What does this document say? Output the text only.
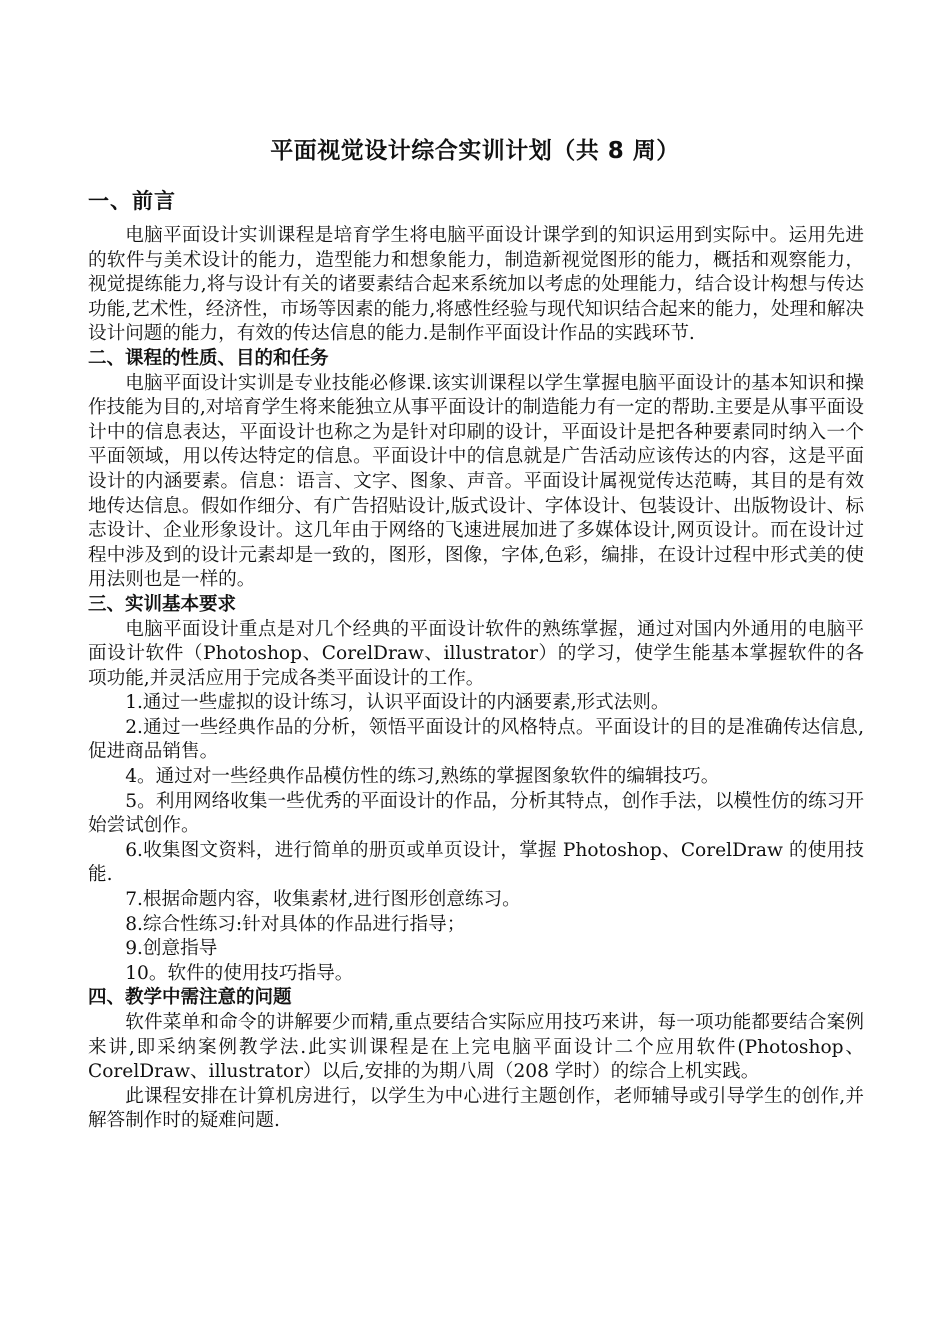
平面视觉设计综合实训计划（共 8 周）
一、前言

电脑平面设计实训课程是培育学生将电脑平面设计课学到的知识运用到实际中。运用先进的软件与美术设计的能力，造型能力和想象能力，制造新视觉图形的能力，概括和观察能力，视觉提练能力,将与设计有关的诸要素结合起来系统加以考虑的处理能力，结合设计构想与传达功能,艺术性，经济性，市场等因素的能力,将感性经验与现代知识结合起来的能力，处理和解决设计问题的能力，有效的传达信息的能力.是制作平面设计作品的实践环节.

二、课程的性质、目的和任务

电脑平面设计实训是专业技能必修课.该实训课程以学生掌握电脑平面设计的基本知识和操作技能为目的,对培育学生将来能独立从事平面设计的制造能力有一定的帮助.主要是从事平面设计中的信息表达，平面设计也称之为是针对印刷的设计，平面设计是把各种要素同时纳入一个平面领域，用以传达特定的信息。平面设计中的信息就是广告活动应该传达的内容，这是平面设计的内涵要素。信息：语言、文字、图象、声音。平面设计属视觉传达范畴，其目的是有效地传达信息。假如作细分、有广告招贴设计,版式设计、字体设计、包装设计、出版物设计、标志设计、企业形象设计。这几年由于网络的飞速进展加进了多媒体设计,网页设计。而在设计过程中涉及到的设计元素却是一致的，图形，图像，字体,色彩，编排，在设计过程中形式美的使用法则也是一样的。

三、实训基本要求

电脑平面设计重点是对几个经典的平面设计软件的熟练掌握，通过对国内外通用的电脑平面设计软件（Photoshop、CorelDraw、illustrator）的学习，使学生能基本掌握软件的各项功能,并灵活应用于完成各类平面设计的工作。

1.通过一些虚拟的设计练习，认识平面设计的内涵要素,形式法则。

2.通过一些经典作品的分析，领悟平面设计的风格特点。平面设计的目的是准确传达信息,促进商品销售。

4。通过对一些经典作品模仿性的练习,熟练的掌握图象软件的编辑技巧。

5。利用网络收集一些优秀的平面设计的作品，分析其特点，创作手法，以模性仿的练习开始尝试创作。

6.收集图文资料，进行简单的册页或单页设计，掌握 Photoshop、CorelDraw 的使用技能.

7.根据命题内容，收集素材,进行图形创意练习。

8.综合性练习:针对具体的作品进行指导；

9.创意指导

10。软件的使用技巧指导。

四、教学中需注意的问题

软件菜单和命令的讲解要少而精,重点要结合实际应用技巧来讲，每一项功能都要结合案例来讲,即采纳案例教学法.此实训课程是在上完电脑平面设计二个应用软件(Photoshop、CorelDraw、illustrator）以后,安排的为期八周（208 学时）的综合上机实践。

此课程安排在计算机房进行，以学生为中心进行主题创作，老师辅导或引导学生的创作,并解答制作时的疑难问题.
